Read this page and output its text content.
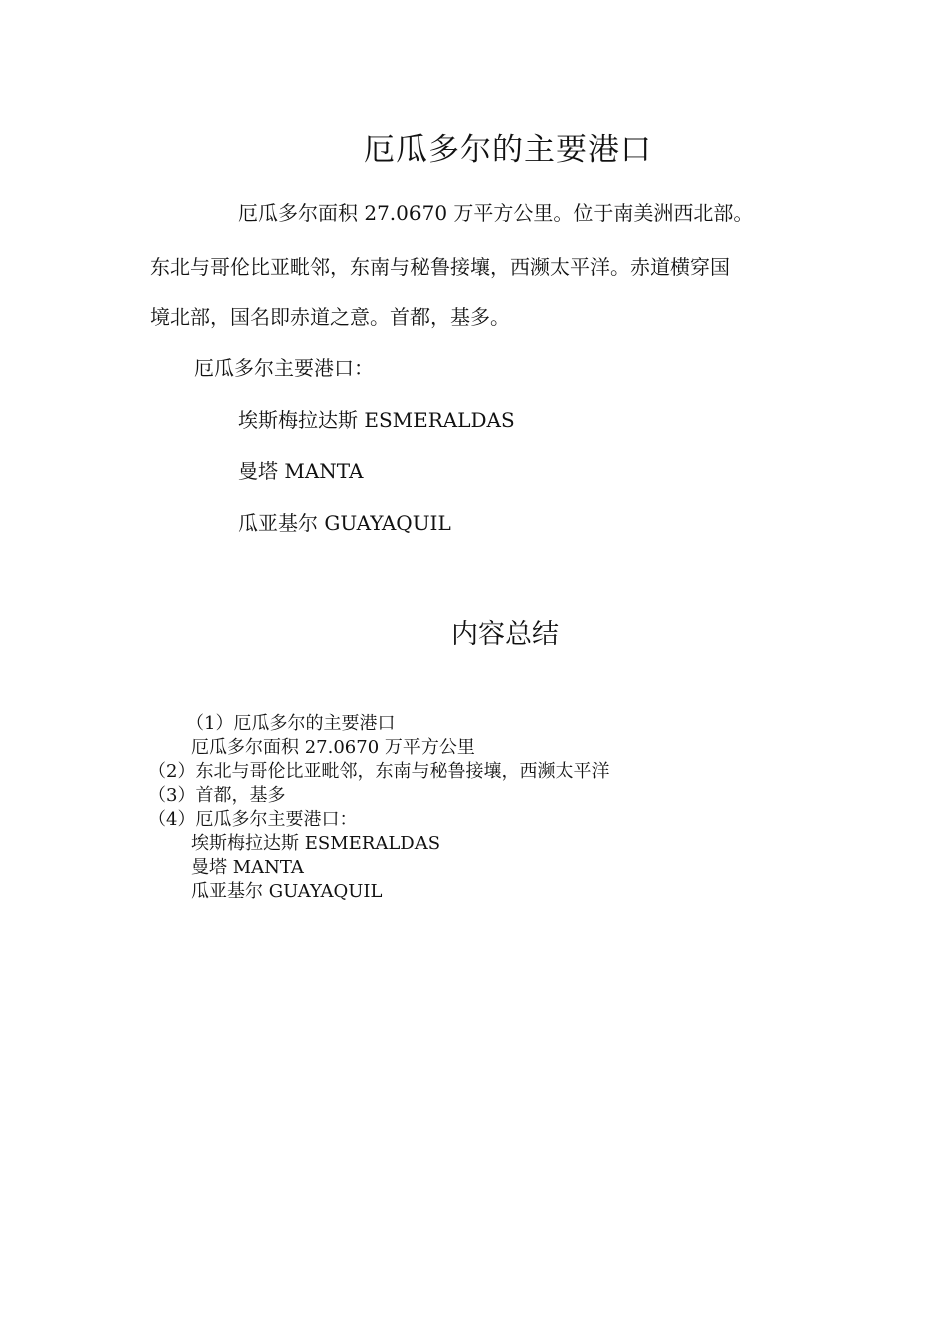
厄瓜多尔的主要港口

厄瓜多尔面积 27.0670 万平方公里。位于南美洲西北部。

东北与哥伦比亚毗邻，东南与秘鲁接壤，西濒太平洋。赤道横穿国

境北部，国名即赤道之意。首都，基多。

厄瓜多尔主要港口：

埃斯梅拉达斯 ESMERALDAS

曼塔 MANTA

瓜亚基尔 GUAYAQUIL

内容总结

（1）厄瓜多尔的主要港口

厄瓜多尔面积 27.0670 万平方公里

（2）东北与哥伦比亚毗邻，东南与秘鲁接壤，西濒太平洋

（3）首都，基多

（4）厄瓜多尔主要港口：

埃斯梅拉达斯 ESMERALDAS

曼塔 MANTA

瓜亚基尔 GUAYAQUIL
